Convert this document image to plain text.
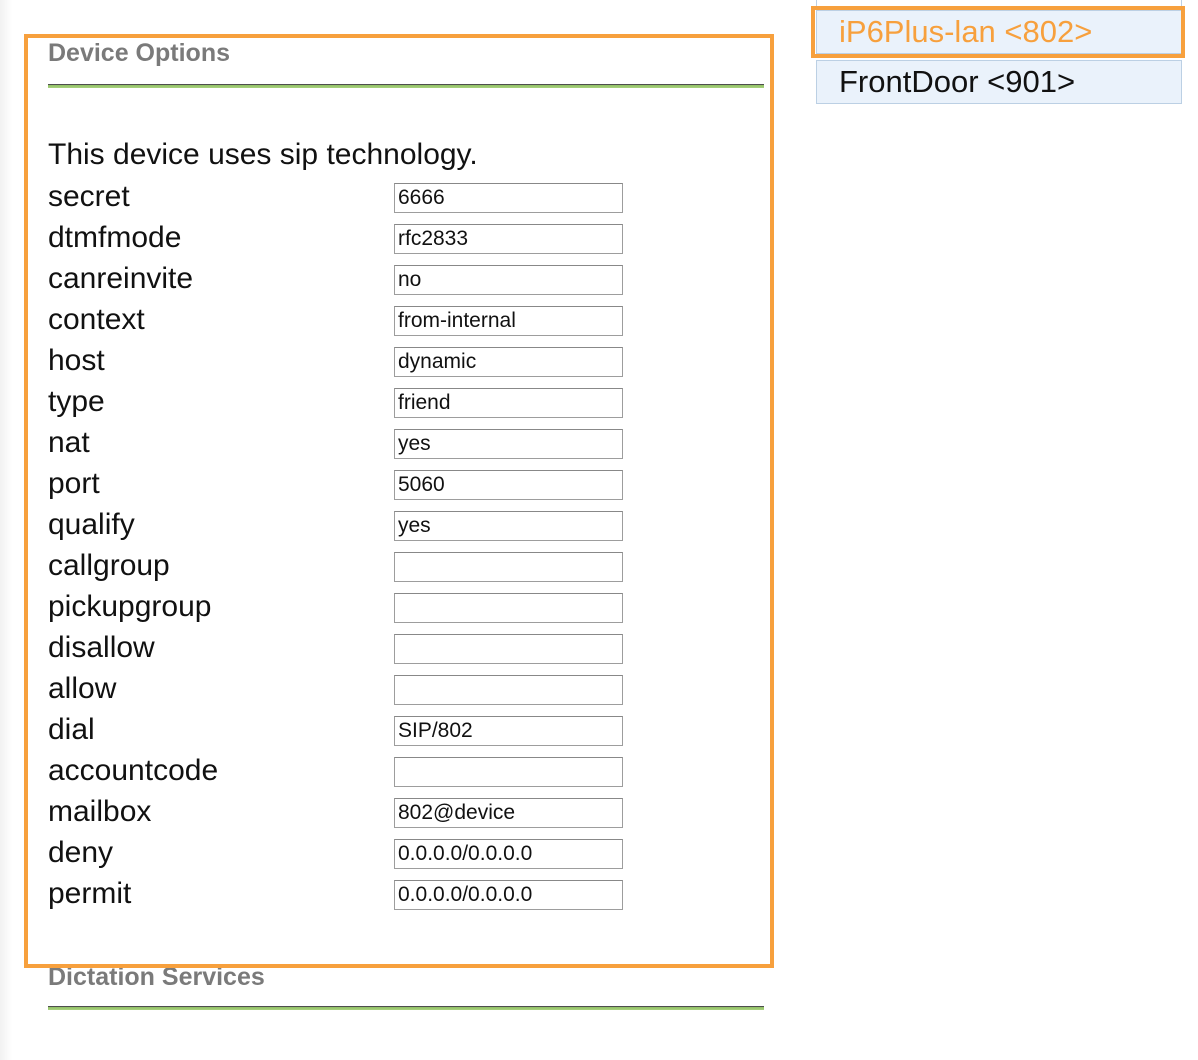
Device Options
This device uses sip technology.
secret
6666
dtmfmode
rfc2833
canreinvite
no
context
from-internal
host
dynamic
type
friend
nat
yes
port
5060
qualify
yes
callgroup
pickupgroup
disallow
allow
dial
SIP/802
accountcode
mailbox
802@device
deny
0.0.0.0/0.0.0.0
permit
0.0.0.0/0.0.0.0
Dictation Services
iP6Plus-lan <802>
FrontDoor <901>
